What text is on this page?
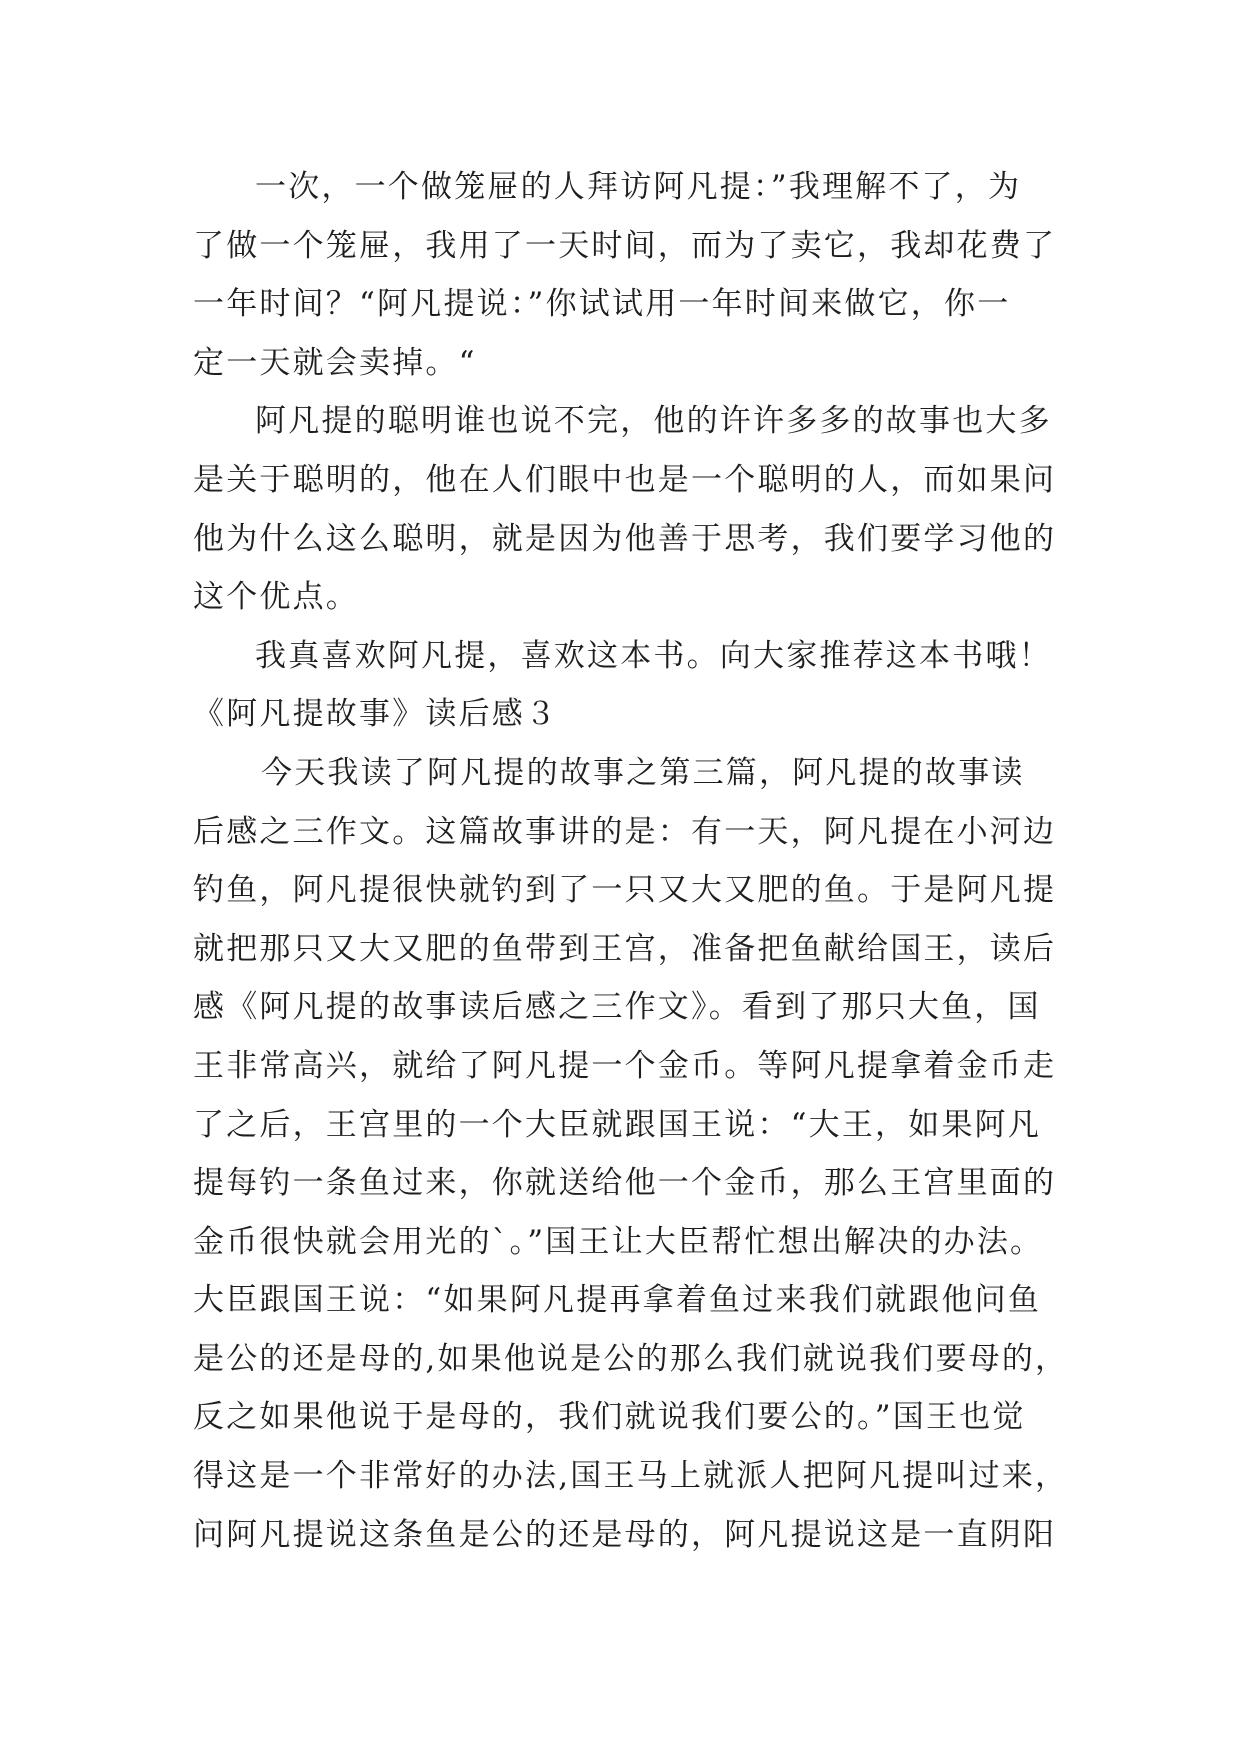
一次，一个做笼屉的人拜访阿凡提：”我理解不了，为
了做一个笼屉，我用了一天时间，而为了卖它，我却花费了
一年时间？“阿凡提说：”你试试用一年时间来做它，你一
定一天就会卖掉。“
阿凡提的聪明谁也说不完，他的许许多多的故事也大多
是关于聪明的，他在人们眼中也是一个聪明的人，而如果问
他为什么这么聪明，就是因为他善于思考，我们要学习他的
这个优点。
我真喜欢阿凡提，喜欢这本书。向大家推荐这本书哦！
《阿凡提故事》读后感３
今天我读了阿凡提的故事之第三篇，阿凡提的故事读
后感之三作文。这篇故事讲的是：有一天，阿凡提在小河边
钓鱼，阿凡提很快就钓到了一只又大又肥的鱼。于是阿凡提
就把那只又大又肥的鱼带到王宫，准备把鱼献给国王，读后
感《阿凡提的故事读后感之三作文》。看到了那只大鱼，国
王非常高兴，就给了阿凡提一个金币。等阿凡提拿着金币走
了之后，王宫里的一个大臣就跟国王说：“大王，如果阿凡
提每钓一条鱼过来，你就送给他一个金币，那么王宫里面的
金币很快就会用光的`。”国王让大臣帮忙想出解决的办法。
大臣跟国王说：“如果阿凡提再拿着鱼过来我们就跟他问鱼
是公的还是母的,如果他说是公的那么我们就说我们要母的，
反之如果他说于是母的，我们就说我们要公的。”国王也觉
得这是一个非常好的办法,国王马上就派人把阿凡提叫过来，
问阿凡提说这条鱼是公的还是母的，阿凡提说这是一直阴阳
